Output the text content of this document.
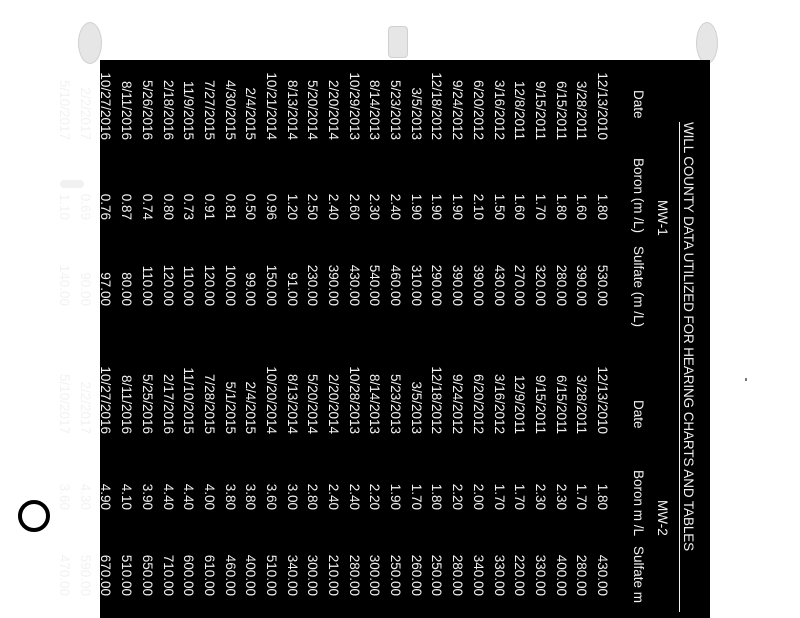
WILL COUNTY DATA UTILIZED FOR HEARING CHARTS AND TABLES
MW-1
MW-2
Date
Boron (m /L)
Sulfate (m /L)
Date
Boron m /L
Sulfate m
12/13/2010
1.80
530.00
12/13/2010
1.80
430.00
3/28/2011
1.60
390.00
3/28/2011
1.70
280.00
6/15/2011
1.80
280.00
6/15/2011
2.30
400.00
9/15/2011
1.70
320.00
9/15/2011
2.30
330.00
12/8/2011
1.60
270.00
12/9/2011
1.70
220.00
3/16/2012
1.50
430.00
3/16/2012
1.70
330.00
6/20/2012
2.10
390.00
6/20/2012
2.00
340.00
9/24/2012
1.90
390.00
9/24/2012
2.20
280.00
12/18/2012
1.90
290.00
12/18/2012
1.80
250.00
3/5/2013
1.90
310.00
3/5/2013
1.70
260.00
5/23/2013
2.40
460.00
5/23/2013
1.90
250.00
8/14/2013
2.30
540.00
8/14/2013
2.20
300.00
10/29/2013
2.60
430.00
10/28/2013
2.40
280.00
2/20/2014
2.40
390.00
2/20/2014
2.40
210.00
5/20/2014
2.50
230.00
5/20/2014
2.80
300.00
8/13/2014
1.20
91.00
8/13/2014
3.00
340.00
10/21/2014
0.96
150.00
10/20/2014
3.60
510.00
2/4/2015
0.50
99.00
2/4/2015
3.80
400.00
4/30/2015
0.81
100.00
5/1/2015
3.80
460.00
7/27/2015
0.91
120.00
7/28/2015
4.00
610.00
11/9/2015
0.73
110.00
11/10/2015
4.40
600.00
2/18/2016
0.80
120.00
2/17/2016
4.40
710.00
5/26/2016
0.74
110.00
5/25/2016
3.90
650.00
8/11/2016
0.87
80.00
8/11/2016
4.10
510.00
10/27/2016
0.76
97.00
10/27/2016
4.90
670.00
2/2/2017
0.69
90.00
2/2/2017
4.30
590.00
5/10/2017
1.10
140.00
5/10/2017
3.60
470.00
